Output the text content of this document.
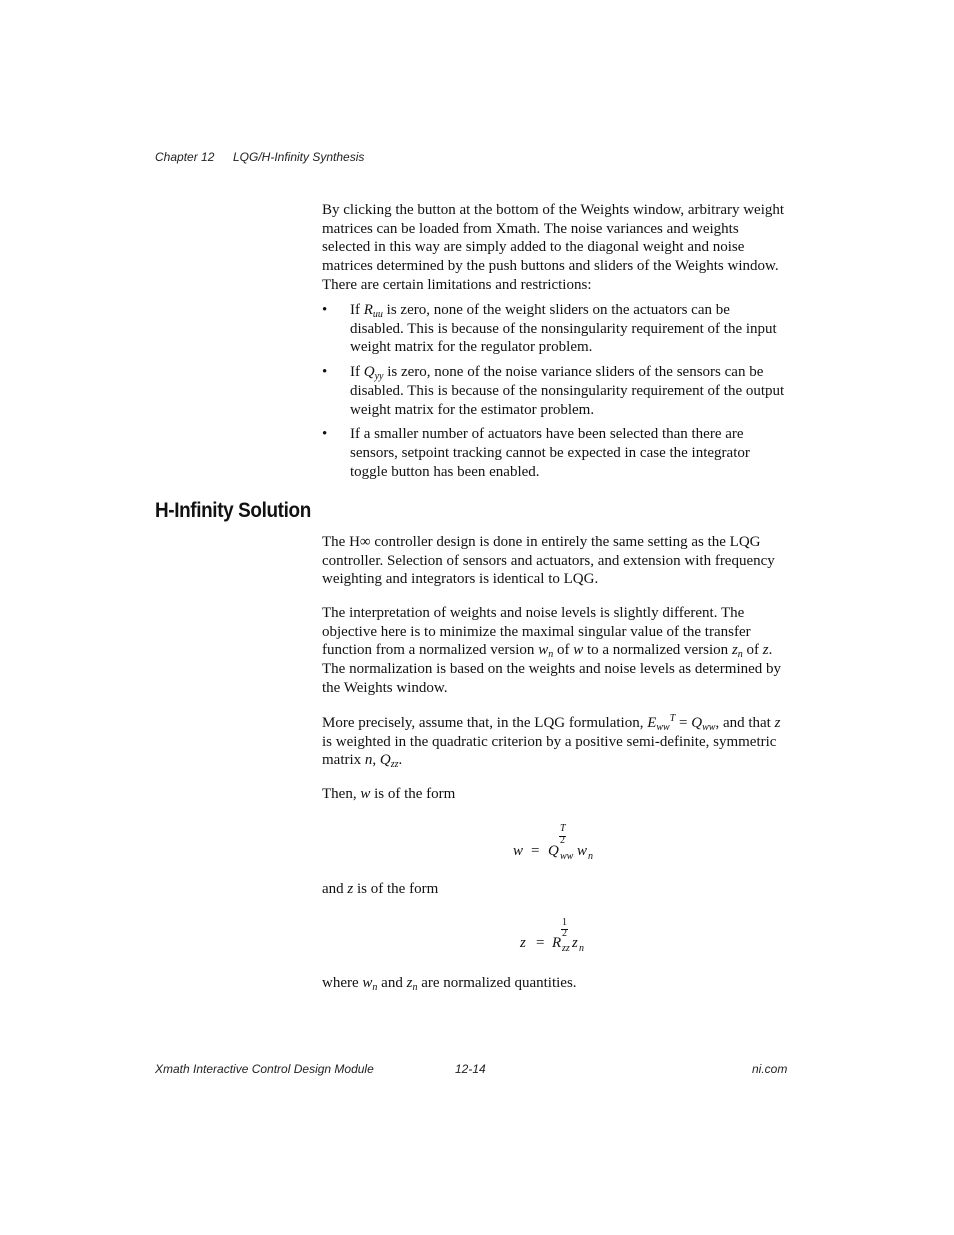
Chapter 12 LQG/H-Infinity Synthesis

By clicking the button at the bottom of the Weights window, arbitrary weight matrices can be loaded from Xmath. The noise variances and weights selected in this way are simply added to the diagonal weight and noise matrices determined by the push buttons and sliders of the Weights window. There are certain limitations and restrictions:

• If $R_{uu}$ is zero, none of the weight sliders on the actuators can be disabled. This is because of the nonsingularity requirement of the input weight matrix for the regulator problem.
• If $Q_{yy}$ is zero, none of the noise variance sliders of the sensors can be disabled. This is because of the nonsingularity requirement of the output weight matrix for the estimator problem.
• If a smaller number of actuators have been selected than there are sensors, setpoint tracking cannot be expected in case the integrator toggle button has been enabled.
H-Infinity Solution

The H∞ controller design is done in entirely the same setting as the LQG controller. Selection of sensors and actuators, and extension with frequency weighting and integrators is identical to LQG.

The interpretation of weights and noise levels is slightly different. The objective here is to minimize the maximal singular value of the transfer function from a normalized version $w_n$ of w to a normalized version $z_n$ of z. The normalization is based on the weights and noise levels as determined by the Weights window.

More precisely, assume that, in the LQG formulation, $E_{ww}^T = Q_{ww}$, and that z is weighted in the quadratic criterion by a positive semi-definite, symmetric matrix n, $Q_{zz}$.

Then, w is of the form

w = Q
T
2
ww w n

and z is of the form

z = R
1
2
zz z n

where $w_n$ and $z_n$ are normalized quantities.

Xmath Interactive Control Design Module	12-14	ni.com
